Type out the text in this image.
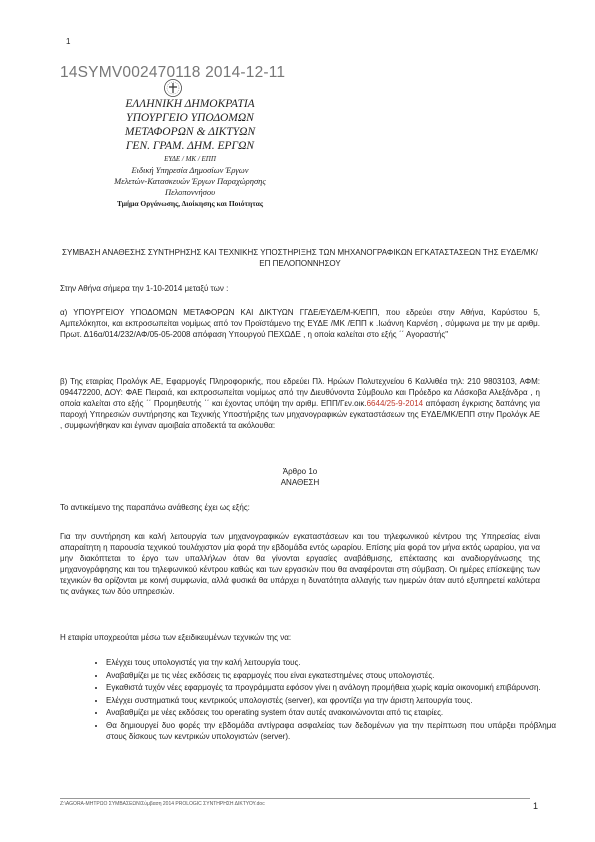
1
14SYMV002470118 2014-12-11
ΕΛΛΗΝΙΚΗ ΔΗΜΟΚΡΑΤΙΑ
ΥΠΟΥΡΓΕΙΟ ΥΠΟΔΟΜΩΝ
ΜΕΤΑΦΟΡΩΝ & ΔΙΚΤΥΩΝ
ΓΕΝ. ΓΡΑΜ. ΔΗΜ. ΕΡΓΩΝ
ΕΥΔΕ / ΜΚ / ΕΠΠ
Ειδική Υπηρεσία Δημοσίων Έργων
Μελετών-Κατασκευών Έργων Παραχώρησης
Πελοποννήσου
Τμήμα Οργάνωσης, Διοίκησης και Ποιότητας
ΣΥΜΒΑΣΗ ΑΝΑΘΕΣΗΣ ΣΥΝΤΗΡΗΣΗΣ ΚΑΙ ΤΕΧΝΙΚΗΣ ΥΠΟΣΤΗΡΙΞΗΣ ΤΩΝ ΜΗΧΑΝΟΓΡΑΦΙΚΩΝ ΕΓΚΑΤΑΣΤΑΣΕΩΝ ΤΗΣ ΕΥΔΕ/ΜΚ/ΕΠ ΠΕΛΟΠΟΝΝΗΣΟΥ
Στην Αθήνα σήμερα την 1-10-2014 μεταξύ των :
α) ΥΠΟΥΡΓΕΙΟΥ ΥΠΟΔΟΜΩΝ ΜΕΤΑΦΟΡΩΝ ΚΑΙ ΔΙΚΤΥΩΝ ΓΓΔΕ/ΕΥΔΕ/Μ-Κ/ΕΠΠ, που εδρεύει στην Αθήνα, Καρύστου 5, Αμπελόκηποι, και εκπροσωπείται νομίμως από τον Προϊστάμενο της ΕΥΔΕ /ΜΚ /ΕΠΠ κ .Ιωάννη Καρνέση , σύμφωνα με την με αριθμ. Πρωτ. Δ16α/014/232/ΑΦ/05-05-2008 απόφαση Υπουργού ΠΕΧΩΔΕ , η οποία καλείται στο εξής ΄΄ Αγοραστής"
β) Της εταιρίας Προλόγκ ΑΕ, Εφαρμογές Πληροφορικής, που εδρεύει Πλ. Ηρώων Πολυτεχνείου 6 Καλλιθέα τηλ: 210 9803103, ΑΦΜ: 094472200, ΔΟΥ: ΦΑΕ Πειραιά, και εκπροσωπείται νομίμως από την Διευθύνοντα Σύμβουλο και Πρόεδρο κα Λάσκοβα Αλεξάνδρα , η οποία καλείται στο εξής ΄΄ Προμηθευτής ΄΄ και έχοντας υπόψη την αριθμ. ΕΠΠ/Γεν.οικ.6644/25-9-2014 απόφαση έγκρισης δαπάνης για παροχή Υπηρεσιών συντήρησης και Τεχνικής Υποστήριξης των μηχανογραφικών εγκαταστάσεων της ΕΥΔΕ/ΜΚ/ΕΠΠ στην Προλόγκ ΑΕ , συμφωνήθηκαν και έγιναν αμοιβαία αποδεκτά τα ακόλουθα:
Άρθρο 1ο
ΑΝΑΘΕΣΗ
Το αντικείμενο της παραπάνω ανάθεσης έχει ως εξής:
Για την συντήρηση και καλή λειτουργία των μηχανογραφικών εγκαταστάσεων και του τηλεφωνικού κέντρου της Υπηρεσίας είναι απαραίτητη η παρουσία τεχνικού τουλάχιστον μία φορά την εβδομάδα εντός ωραρίου. Επίσης μία φορά τον μήνα εκτός ωραρίου, για να μην διακόπτεται το έργο των υπαλλήλων όταν θα γίνονται εργασίες αναβάθμισης, επέκτασης και αναδιοργάνωσης της μηχανογράφησης και του τηλεφωνικού κέντρου καθώς και των εργασιών που θα αναφέρονται στη σύμβαση. Οι ημέρες επίσκεψης των τεχνικών θα ορίζονται με κοινή συμφωνία, αλλά φυσικά θα υπάρχει η δυνατότητα αλλαγής των ημερών όταν αυτό εξυπηρετεί καλύτερα τις ανάγκες των δύο υπηρεσιών.
Η εταιρία υποχρεούται μέσω των εξειδικευμένων τεχνικών της να:
• Ελέγχει τους υπολογιστές για την καλή λειτουργία τους.
• Αναβαθμίζει με τις νέες εκδόσεις τις εφαρμογές που είναι εγκατεστημένες στους υπολογιστές.
• Εγκαθιστά τυχόν νέες εφαρμογές τα προγράμματα εφόσον γίνει η ανάλογη προμήθεια χωρίς καμία οικονομική επιβάρυνση.
• Ελέγχει συστηματικά τους κεντρικούς υπολογιστές (server), και φροντίζει για την άριστη λειτουργία τους.
• Αναβαθμίζει με νέες εκδόσεις του operating system όταν αυτές ανακοινώνονται από τις εταιρίες.
• Θα δημιουργεί δυο φορές την εβδομάδα αντίγραφα ασφαλείας των δεδομένων για την περίπτωση που υπάρξει πρόβλημα στους δίσκους των κεντρικών υπολογιστών (server).
Z:\AGORA-ΜΗΤΡΩΟ ΣΥΜΒΑΣΕΩΝ\Σύμβαση 2014 PROLOGIC ΣΥΝΤΗΡΗΣΗ ΔΙΚΤΥΟΥ.doc	1
